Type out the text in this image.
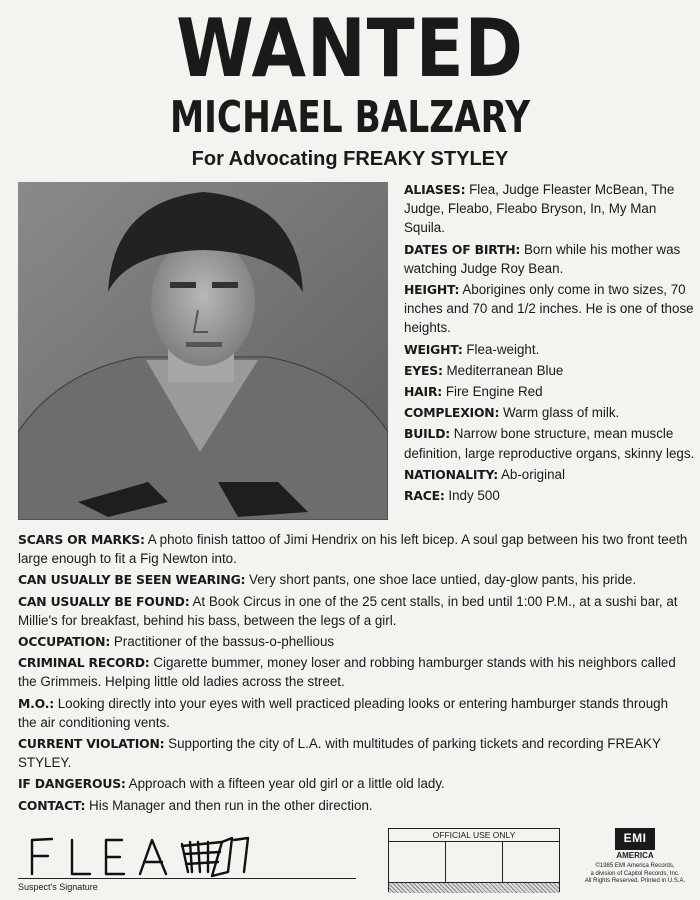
WANTED
MICHAEL BALZARY
For Advocating FREAKY STYLEY

ALIASES: Flea, Judge Fleaster McBean, The Judge, Fleabo, Fleabo Bryson, In, My Man Squila.

DATES OF BIRTH: Born while his mother was watching Judge Roy Bean.

HEIGHT: Aborigines only come in two sizes, 70 inches and 70 and 1/2 inches. He is one of those heights.

WEIGHT: Flea-weight.

EYES: Mediterranean Blue

HAIR: Fire Engine Red

COMPLEXION: Warm glass of milk.

BUILD: Narrow bone structure, mean muscle definition, large reproductive organs, skinny legs.

NATIONALITY: Ab-original

RACE: Indy 500

SCARS OR MARKS: A photo finish tattoo of Jimi Hendrix on his left bicep. A soul gap between his two front teeth large enough to fit a Fig Newton into.

CAN USUALLY BE SEEN WEARING: Very short pants, one shoe lace untied, day-glow pants, his pride.

CAN USUALLY BE FOUND: At Book Circus in one of the 25 cent stalls, in bed until 1:00 P.M., at a sushi bar, at Millie's for breakfast, behind his bass, between the legs of a girl.

OCCUPATION: Practitioner of the bassus-o-phellious

CRIMINAL RECORD: Cigarette bummer, money loser and robbing hamburger stands with his neighbors called the Grimmeis. Helping little old ladies across the street.

M.O.: Looking directly into your eyes with well practiced pleading looks or entering hamburger stands through the air conditioning vents.

CURRENT VIOLATION: Supporting the city of L.A. with multitudes of parking tickets and recording FREAKY STYLEY.

IF DANGEROUS: Approach with a fifteen year old girl or a little old lady.

CONTACT: His Manager and then run in the other direction.

Suspect's Signature
OFFICIAL USE ONLY	EMI
AMERICA
©1985 EMI America Records,
a division of Capitol Records, Inc.
All Rights Reserved. Printed in U.S.A.
